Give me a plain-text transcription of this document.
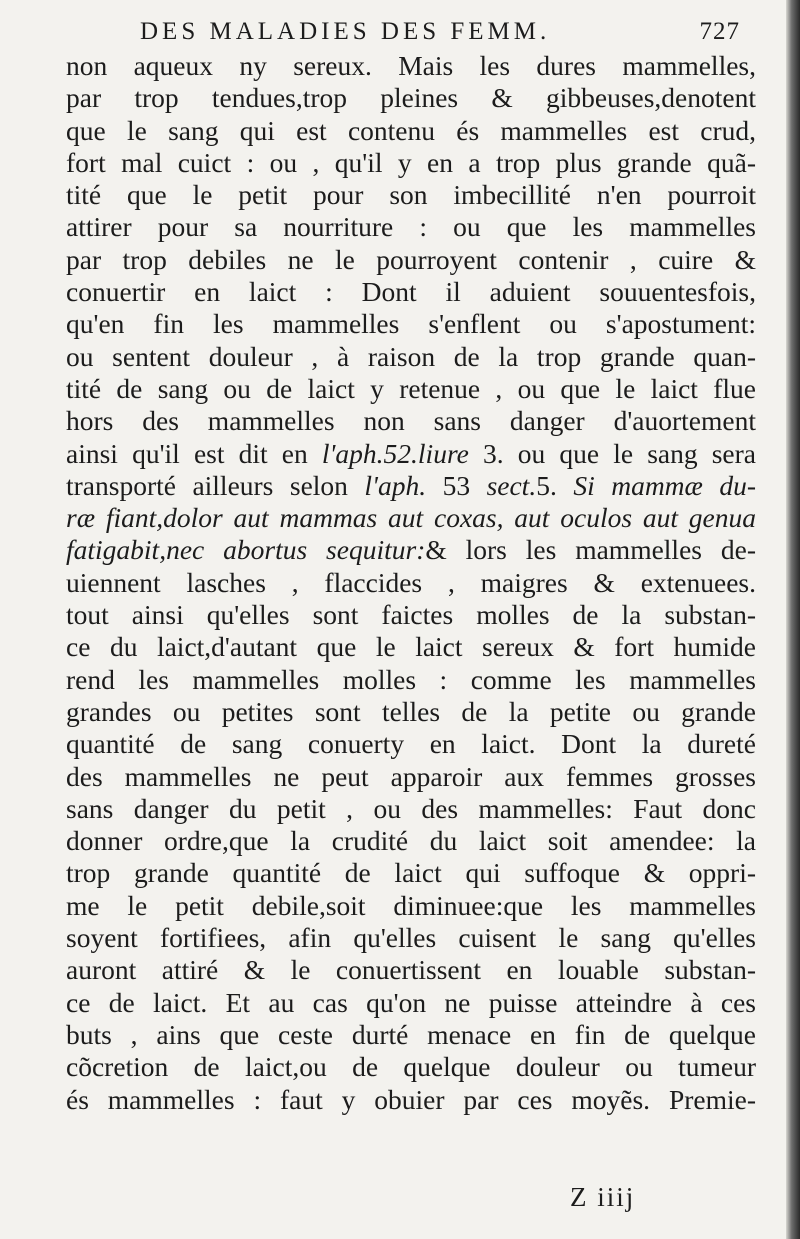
DES MALADIES DES FEMM.	727
non aqueux ny sereux. Mais les dures mammelles,
par trop tendues,trop pleines & gibbeuses,denotent
que le sang qui est contenu és mammelles est crud,
fort mal cuict : ou , qu'il y en a trop plus grande quã-
tité que le petit pour son imbecillité n'en pourroit
attirer pour sa nourriture : ou que les mammelles
par trop debiles ne le pourroyent contenir , cuire &
conuertir en laict : Dont il aduient souuentesfois,
qu'en fin les mammelles s'enflent ou s'apostument:
ou sentent douleur , à raison de la trop grande quan-
tité de sang ou de laict y retenue , ou que le laict flue
hors des mammelles non sans danger d'auortement
ainsi qu'il est dit en l'aph.52.liure 3. ou que le sang sera
transporté ailleurs selon l'aph. 53 sect.5. Si mammæ du-
ræ fiant,dolor aut mammas aut coxas, aut oculos aut genua
fatigabit,nec abortus sequitur:& lors les mammelles de-
uiennent lasches , flaccides , maigres & extenuees.
tout ainsi qu'elles sont faictes molles de la substan-
ce du laict,d'autant que le laict sereux & fort humide
rend les mammelles molles : comme les mammelles
grandes ou petites sont telles de la petite ou grande
quantité de sang conuerty en laict. Dont la dureté
des mammelles ne peut apparoir aux femmes grosses
sans danger du petit , ou des mammelles: Faut donc
donner ordre,que la crudité du laict soit amendee: la
trop grande quantité de laict qui suffoque & oppri-
me le petit debile,soit diminuee:que les mammelles
soyent fortifiees, afin qu'elles cuisent le sang qu'elles
auront attiré & le conuertissent en louable substan-
ce de laict. Et au cas qu'on ne puisse atteindre à ces
buts , ains que ceste durté menace en fin de quelque
cõcretion de laict,ou de quelque douleur ou tumeur
és mammelles : faut y obuier par ces moyẽs. Premie-
Z iiij
